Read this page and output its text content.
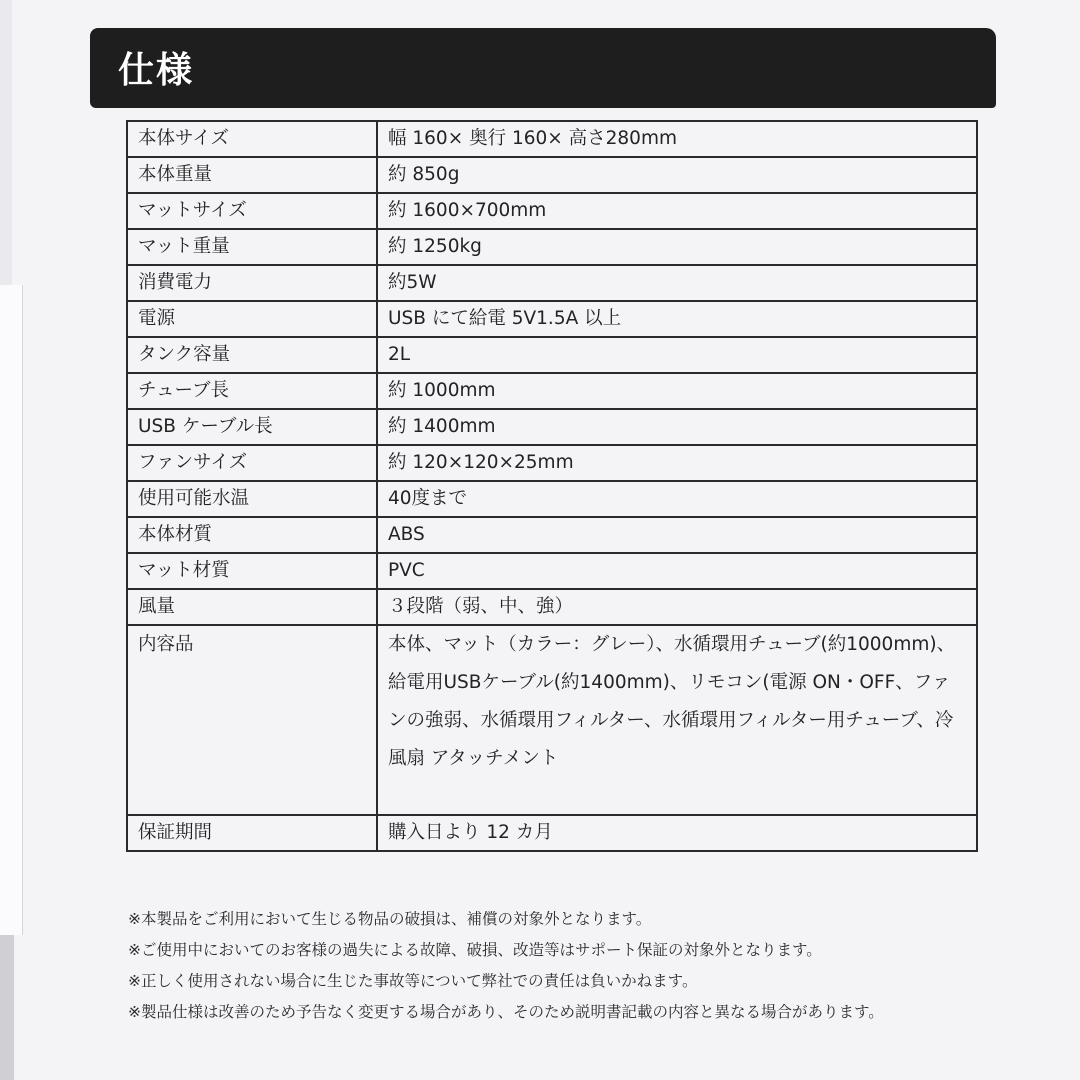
仕様
本体サイズ	幅 160× 奥行 160× 高さ280mm
本体重量	約 850g
マットサイズ	約 1600×700mm
マット重量	約 1250kg
消費電力	約5W
電源	USB にて給電 5V1.5A 以上
タンク容量	2L
チューブ長	約 1000mm
USB ケーブル長	約 1400mm
ファンサイズ	約 120×120×25mm
使用可能水温	40度まで
本体材質	ABS
マット材質	PVC
風量	３段階（弱、中、強）
内容品	本体、マット（カラー：グレー）、水循環用チューブ(約1000mm)、給電用USBケーブル(約1400mm)、リモコン(電源 ON・OFF、ファンの強弱、水循環用フィルター、水循環用フィルター用チューブ、冷風扇 アタッチメント
保証期間	購入日より 12 カ月
※本製品をご利用において生じる物品の破損は、補償の対象外となります。
※ご使用中においてのお客様の過失による故障、破損、改造等はサポート保証の対象外となります。
※正しく使用されない場合に生じた事故等について弊社での責任は負いかねます。
※製品仕様は改善のため予告なく変更する場合があり、そのため説明書記載の内容と異なる場合があります。
